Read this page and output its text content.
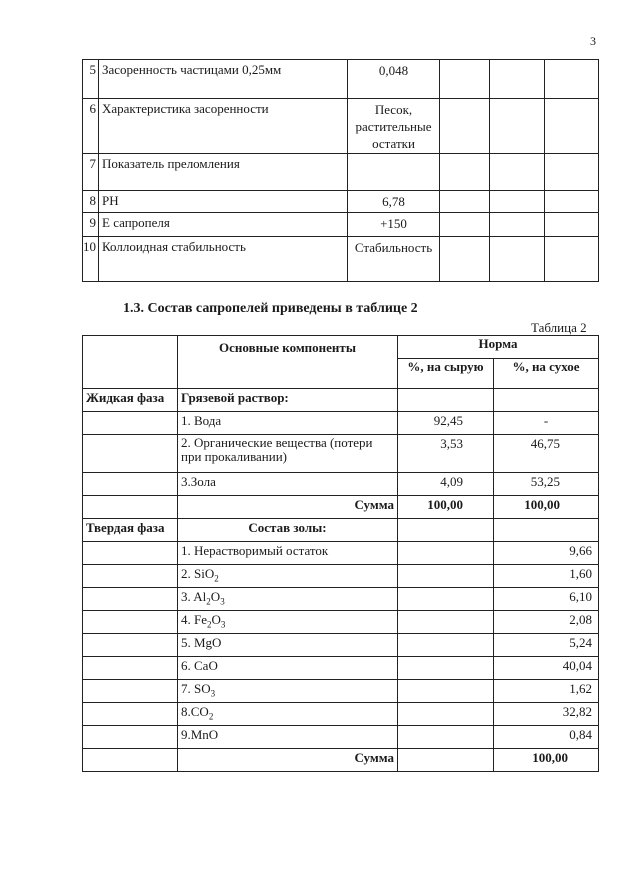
3
5	Засоренность частицами 0,25мм	0,048			
6	Характеристика засоренности	Песок, растительные остатки			
7	Показатель преломления				
8	PH	6,78			
9	Е сапропеля	+150			
10	Коллоидная стабильность	Стабильность			
1.3. Состав сапропелей приведены в таблице 2
Таблица 2
	Основные компоненты	Норма	
		%, на сырую	%, на сухое
Жидкая фаза	Грязевой раствор:		
	1. Вода	92,45	-
	2. Органические вещества (потери при прокаливании)	3,53	46,75
	3.Зола	4,09	53,25
	Сумма	100,00	100,00
Твердая фаза	Состав золы:		
	1. Нерастворимый остаток		9,66
	2. SiO$_2$		1,60
	3. $Al_2O_3$		6,10
	4. $Fe_2O_3$		2,08
	5. MgO		5,24
	6. CaO		40,04
	7. $SO_3$		1,62
	$8.CO_2$		32,82
	9.MnO		0,84
	Сумма		100,00
